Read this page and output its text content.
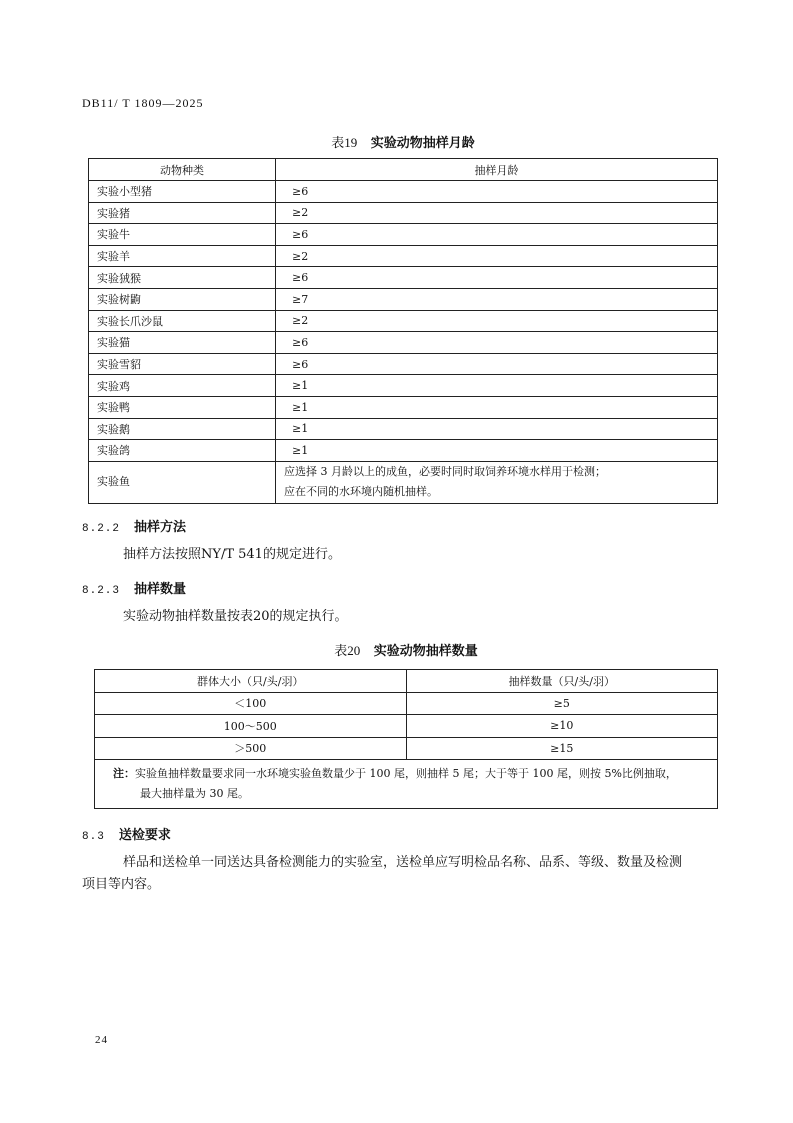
DB11/ T 1809—2025
表19 实验动物抽样月龄
动物种类	抽样月龄
实验小型猪	≥6
实验猪	≥2
实验牛	≥6
实验羊	≥2
实验狨猴	≥6
实验树鼩	≥7
实验长爪沙鼠	≥2
实验猫	≥6
实验雪貂	≥6
实验鸡	≥1
实验鸭	≥1
实验鹅	≥1
实验鸽	≥1
实验鱼	应选择 3 月龄以上的成鱼，必要时同时取饲养环境水样用于检测；
应在不同的水环境内随机抽样。
8.2.2 抽样方法
抽样方法按照NY/T 541的规定进行。
8.2.3 抽样数量
实验动物抽样数量按表20的规定执行。
表20 实验动物抽样数量
群体大小（只/头/羽）	抽样数量（只/头/羽）
＜100	≥5
100～500	≥10
＞500	≥15

注：实验鱼抽样数量要求同一水环境实验鱼数量少于 100 尾，则抽样 5 尾；大于等于 100 尾，则按 5%比例抽取，
最大抽样量为 30 尾。	
8.3 送检要求
样品和送检单一同送达具备检测能力的实验室，送检单应写明检品名称、品系、等级、数量及检测
项目等内容。
24
